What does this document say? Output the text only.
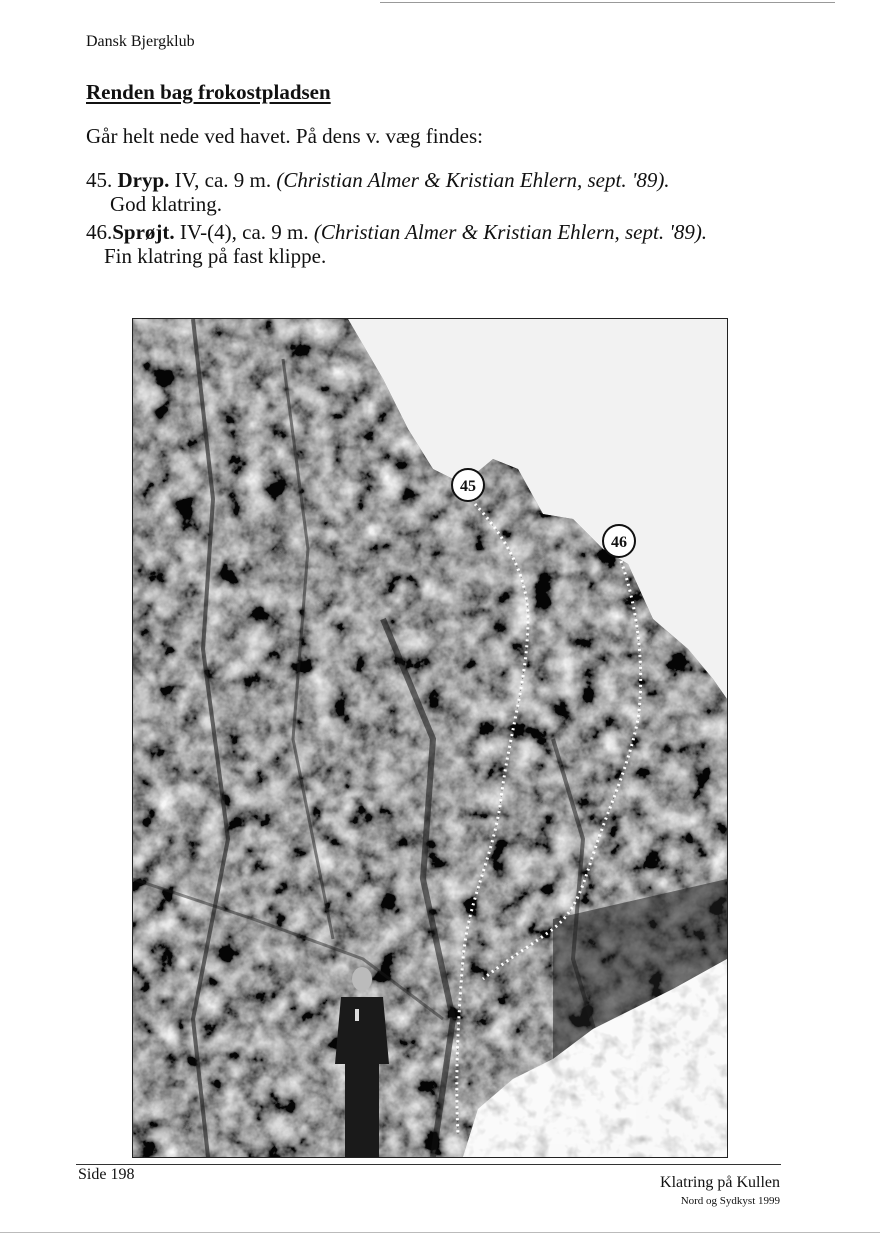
Dansk Bjergklub
Renden bag frokostpladsen
Går helt nede ved havet. På dens v. væg findes:
45. Dryp. IV, ca. 9 m. (Christian Almer & Kristian Ehlern, sept. '89).
God klatring.
46.Sprøjt. IV-(4), ca. 9 m. (Christian Almer & Kristian Ehlern, sept. '89).
Fin klatring på fast klippe.
45
46
Side 198	Klatring på Kullen
Nord og Sydkyst 1999
